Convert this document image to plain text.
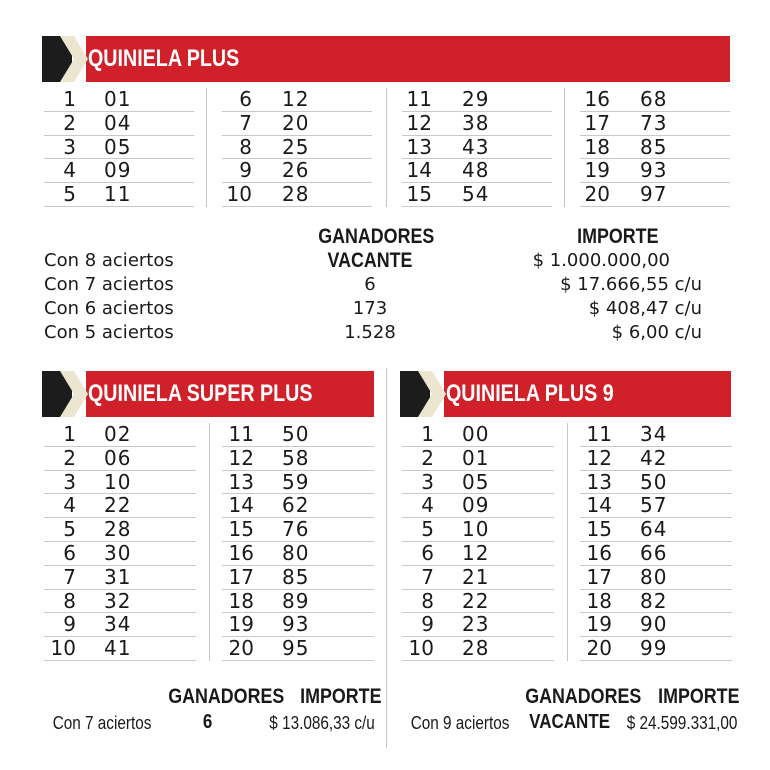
QUINIELA PLUS
1 01
2 04
3 05
4 09
5 11
6 12
7 20
8 25
9 26
10 28
11 29
12 38
13 43
14 48
15 54
16 68
17 73
18 85
19 93
20 97
GANADORES	IMPORTE
Con 8 aciertos	VACANTE	$ 1.000.000,00
Con 7 aciertos	6	$ 17.666,55 c/u
Con 6 aciertos	173	$ 408,47 c/u
Con 5 aciertos	1.528	$ 6,00 c/u
QUINIELA SUPER PLUS
1 02
2 06
3 10
4 22
5 28
6 30
7 31
8 32
9 34
10 41
11 50
12 58
13 59
14 62
15 76
16 80
17 85
18 89
19 93
20 95
GANADORES IMPORTE
Con 7 aciertos	6	$ 13.086,33 c/u
QUINIELA PLUS 9
1 00
2 01
3 05
4 09
5 10
6 12
7 21
8 22
9 23
10 28
11 34
12 42
13 50
14 57
15 64
16 66
17 80
18 82
19 90
20 99
GANADORES IMPORTE
Con 9 aciertos VACANTE $ 24.599.331,00
